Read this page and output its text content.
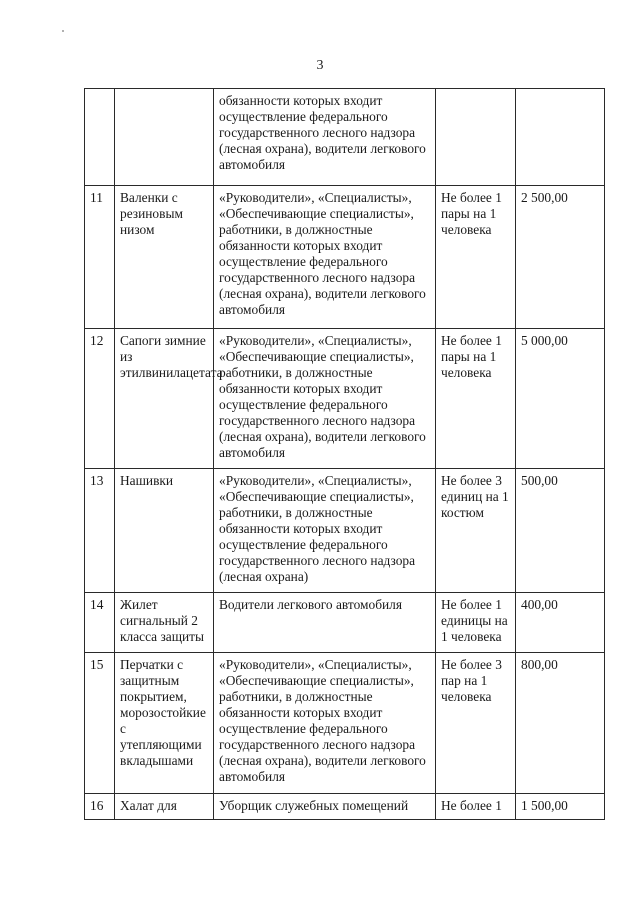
3
		обязанности которых входит осуществление федерального государственного лесного надзора (лесная охрана), водители легкового автомобиля		
11	Валенки с резиновым низом	«Руководители», «Специалисты», «Обеспечивающие специалисты», работники, в должностные обязанности которых входит осуществление федерального государственного лесного надзора (лесная охрана), водители легкового автомобиля	Не более 1 пары на 1 человека	2 500,00
12	Сапоги зимние из этилвинилацетата	«Руководители», «Специалисты», «Обеспечивающие специалисты», работники, в должностные обязанности которых входит осуществление федерального государственного лесного надзора (лесная охрана), водители легкового автомобиля	Не более 1 пары на 1 человека	5 000,00
13	Нашивки	«Руководители», «Специалисты», «Обеспечивающие специалисты», работники, в должностные обязанности которых входит осуществление федерального государственного лесного надзора (лесная охрана)	Не более 3 единиц на 1 костюм	500,00
14	Жилет сигнальный 2 класса защиты	Водители легкового автомобиля	Не более 1 единицы на 1 человека	400,00
15	Перчатки с защитным покрытием, морозостойкие с утепляющими вкладышами	«Руководители», «Специалисты», «Обеспечивающие специалисты», работники, в должностные обязанности которых входит осуществление федерального государственного лесного надзора (лесная охрана), водители легкового автомобиля	Не более 3 пар на 1 человека	800,00
16	Халат для	Уборщик служебных помещений	Не более 1	1 500,00
